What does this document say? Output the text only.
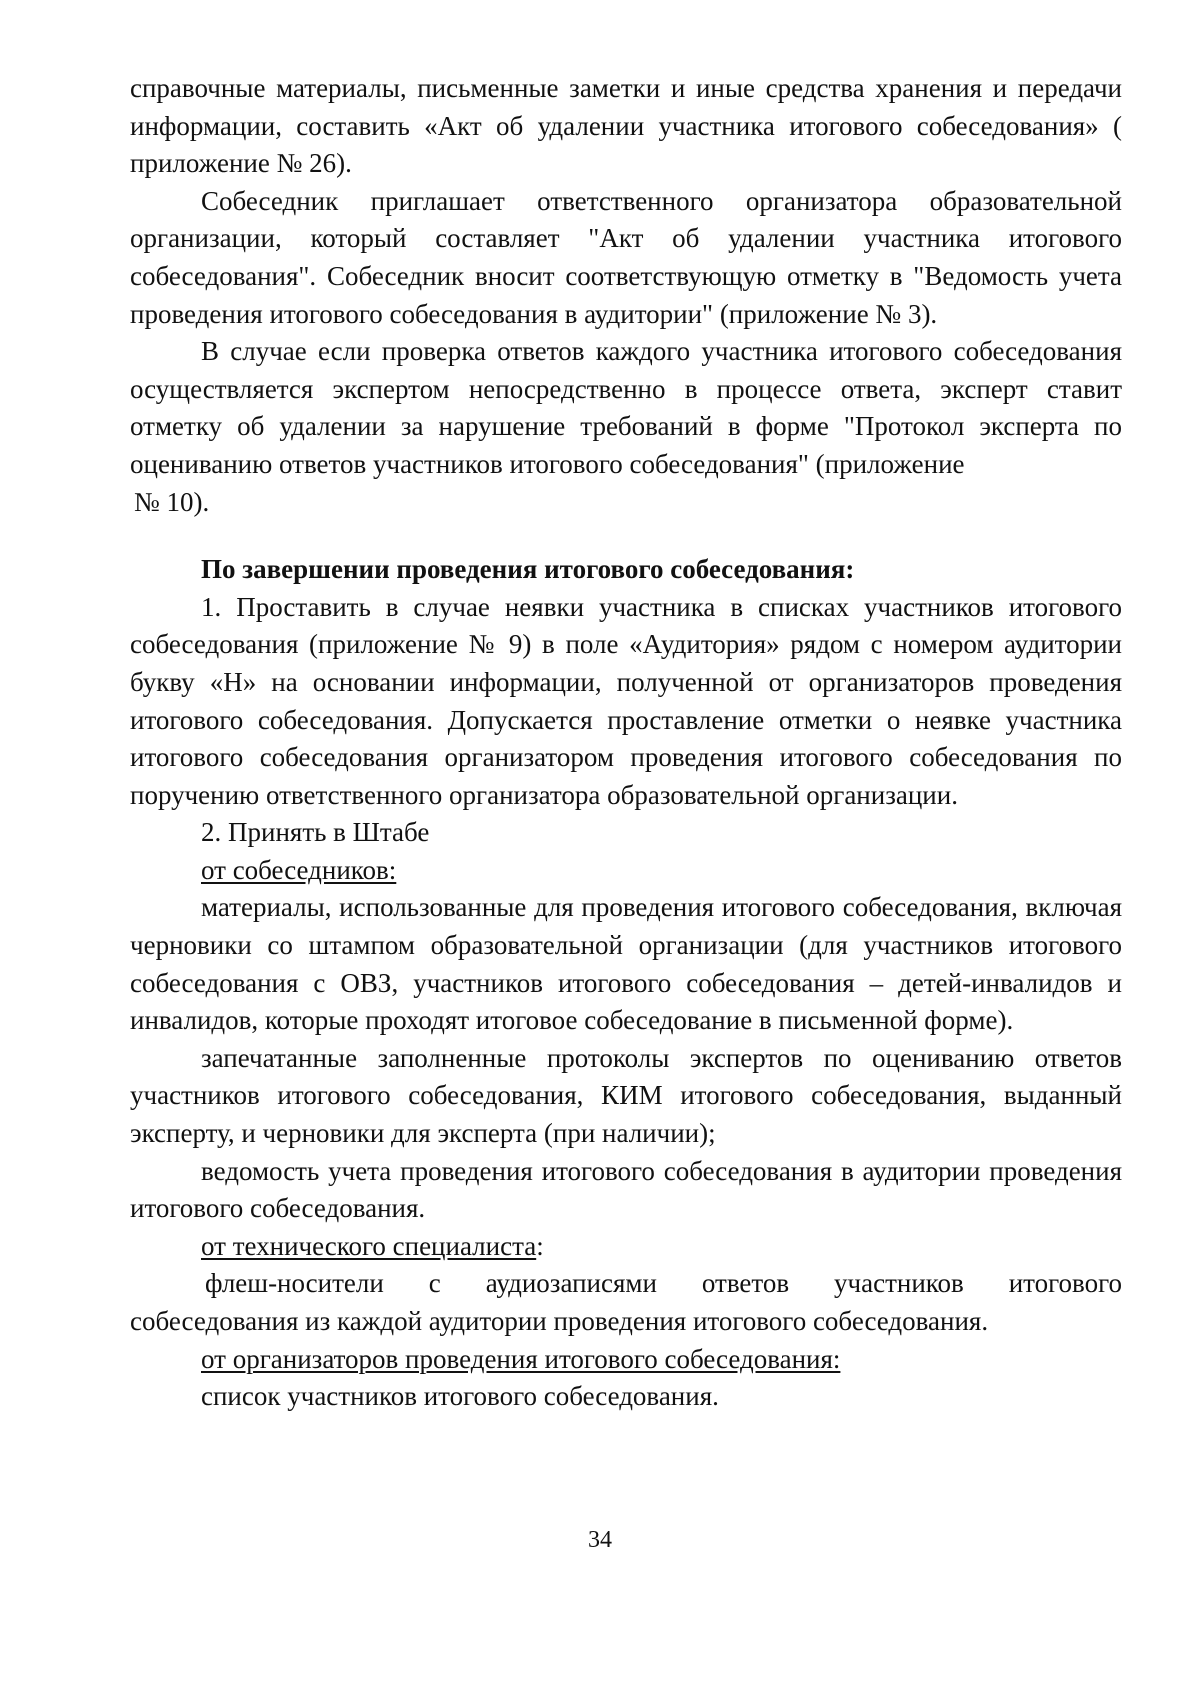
справочные материалы, письменные заметки и иные средства хранения и передачи информации, составить «Акт об удалении участника итогового собеседования» ( приложение № 26).

Собеседник приглашает ответственного организатора образовательной организации, который составляет "Акт об удалении участника итогового собеседования". Собеседник вносит соответствующую отметку в "Ведомость учета проведения итогового собеседования в аудитории" (приложение № 3).

В случае если проверка ответов каждого участника итогового собеседования осуществляется экспертом непосредственно в процессе ответа, эксперт ставит отметку об удалении за нарушение требований в форме "Протокол эксперта по оцениванию ответов участников итогового собеседования" (приложение

№ 10).

По завершении проведения итогового собеседования:

1. Проставить в случае неявки участника в списках участников итогового собеседования (приложение № 9) в поле «Аудитория» рядом с номером аудитории букву «Н» на основании информации, полученной от организаторов проведения итогового собеседования. Допускается проставление отметки о неявке участника итогового собеседования организатором проведения итогового собеседования по поручению ответственного организатора образовательной организации.

2. Принять в Штабе

от собеседников:

материалы, использованные для проведения итогового собеседования, включая черновики со штампом образовательной организации (для участников итогового собеседования с ОВЗ, участников итогового собеседования – детей-инвалидов и инвалидов, которые проходят итоговое собеседование в письменной форме).

запечатанные заполненные протоколы экспертов по оцениванию ответов участников итогового собеседования, КИМ итогового собеседования, выданный эксперту, и черновики для эксперта (при наличии);

ведомость учета проведения итогового собеседования в аудитории проведения итогового собеседования.

от технического специалиста:

флеш-носители с аудиозаписями ответов участников итогового

собеседования из каждой аудитории проведения итогового собеседования.

от организаторов проведения итогового собеседования:

список участников итогового собеседования.

34
